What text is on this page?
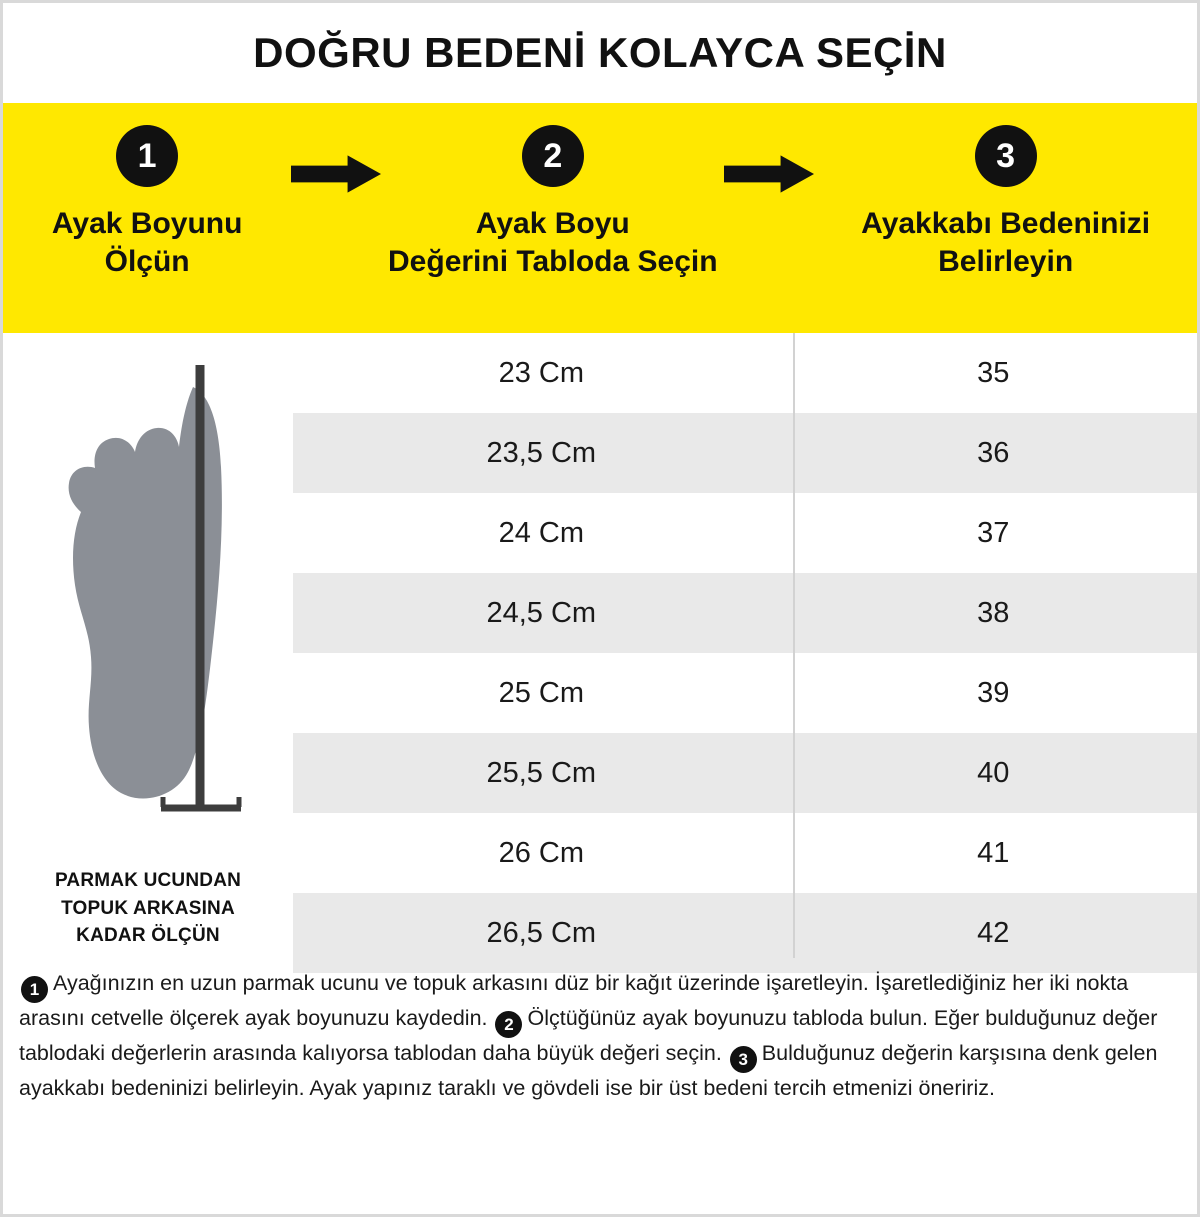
DOĞRU BEDENİ KOLAYCA SEÇİN
1
Ayak Boyunu
Ölçün
2
Ayak Boyu
Değerini Tabloda Seçin
3
Ayakkabı Bedeninizi
Belirleyin
PARMAK UCUNDAN
TOPUK ARKASINA
KADAR ÖLÇÜN
23 Cm	35
23,5 Cm	36
24 Cm	37
24,5 Cm	38
25 Cm	39
25,5 Cm	40
26 Cm	41
26,5 Cm	42
1 Ayağınızın en uzun parmak ucunu ve topuk arkasını düz bir kağıt üzerinde işaretleyin. İşaretlediğiniz her iki nokta arasını cetvelle ölçerek ayak boyunuzu kaydedin. 2 Ölçtüğünüz ayak boyunuzu tabloda bulun. Eğer bulduğunuz değer tablodaki değerlerin arasında kalıyorsa tablodan daha büyük değeri seçin. 3 Bulduğunuz değerin karşısına denk gelen ayakkabı bedeninizi belirleyin. Ayak yapınız taraklı ve gövdeli ise bir üst bedeni tercih etmenizi öneririz.
